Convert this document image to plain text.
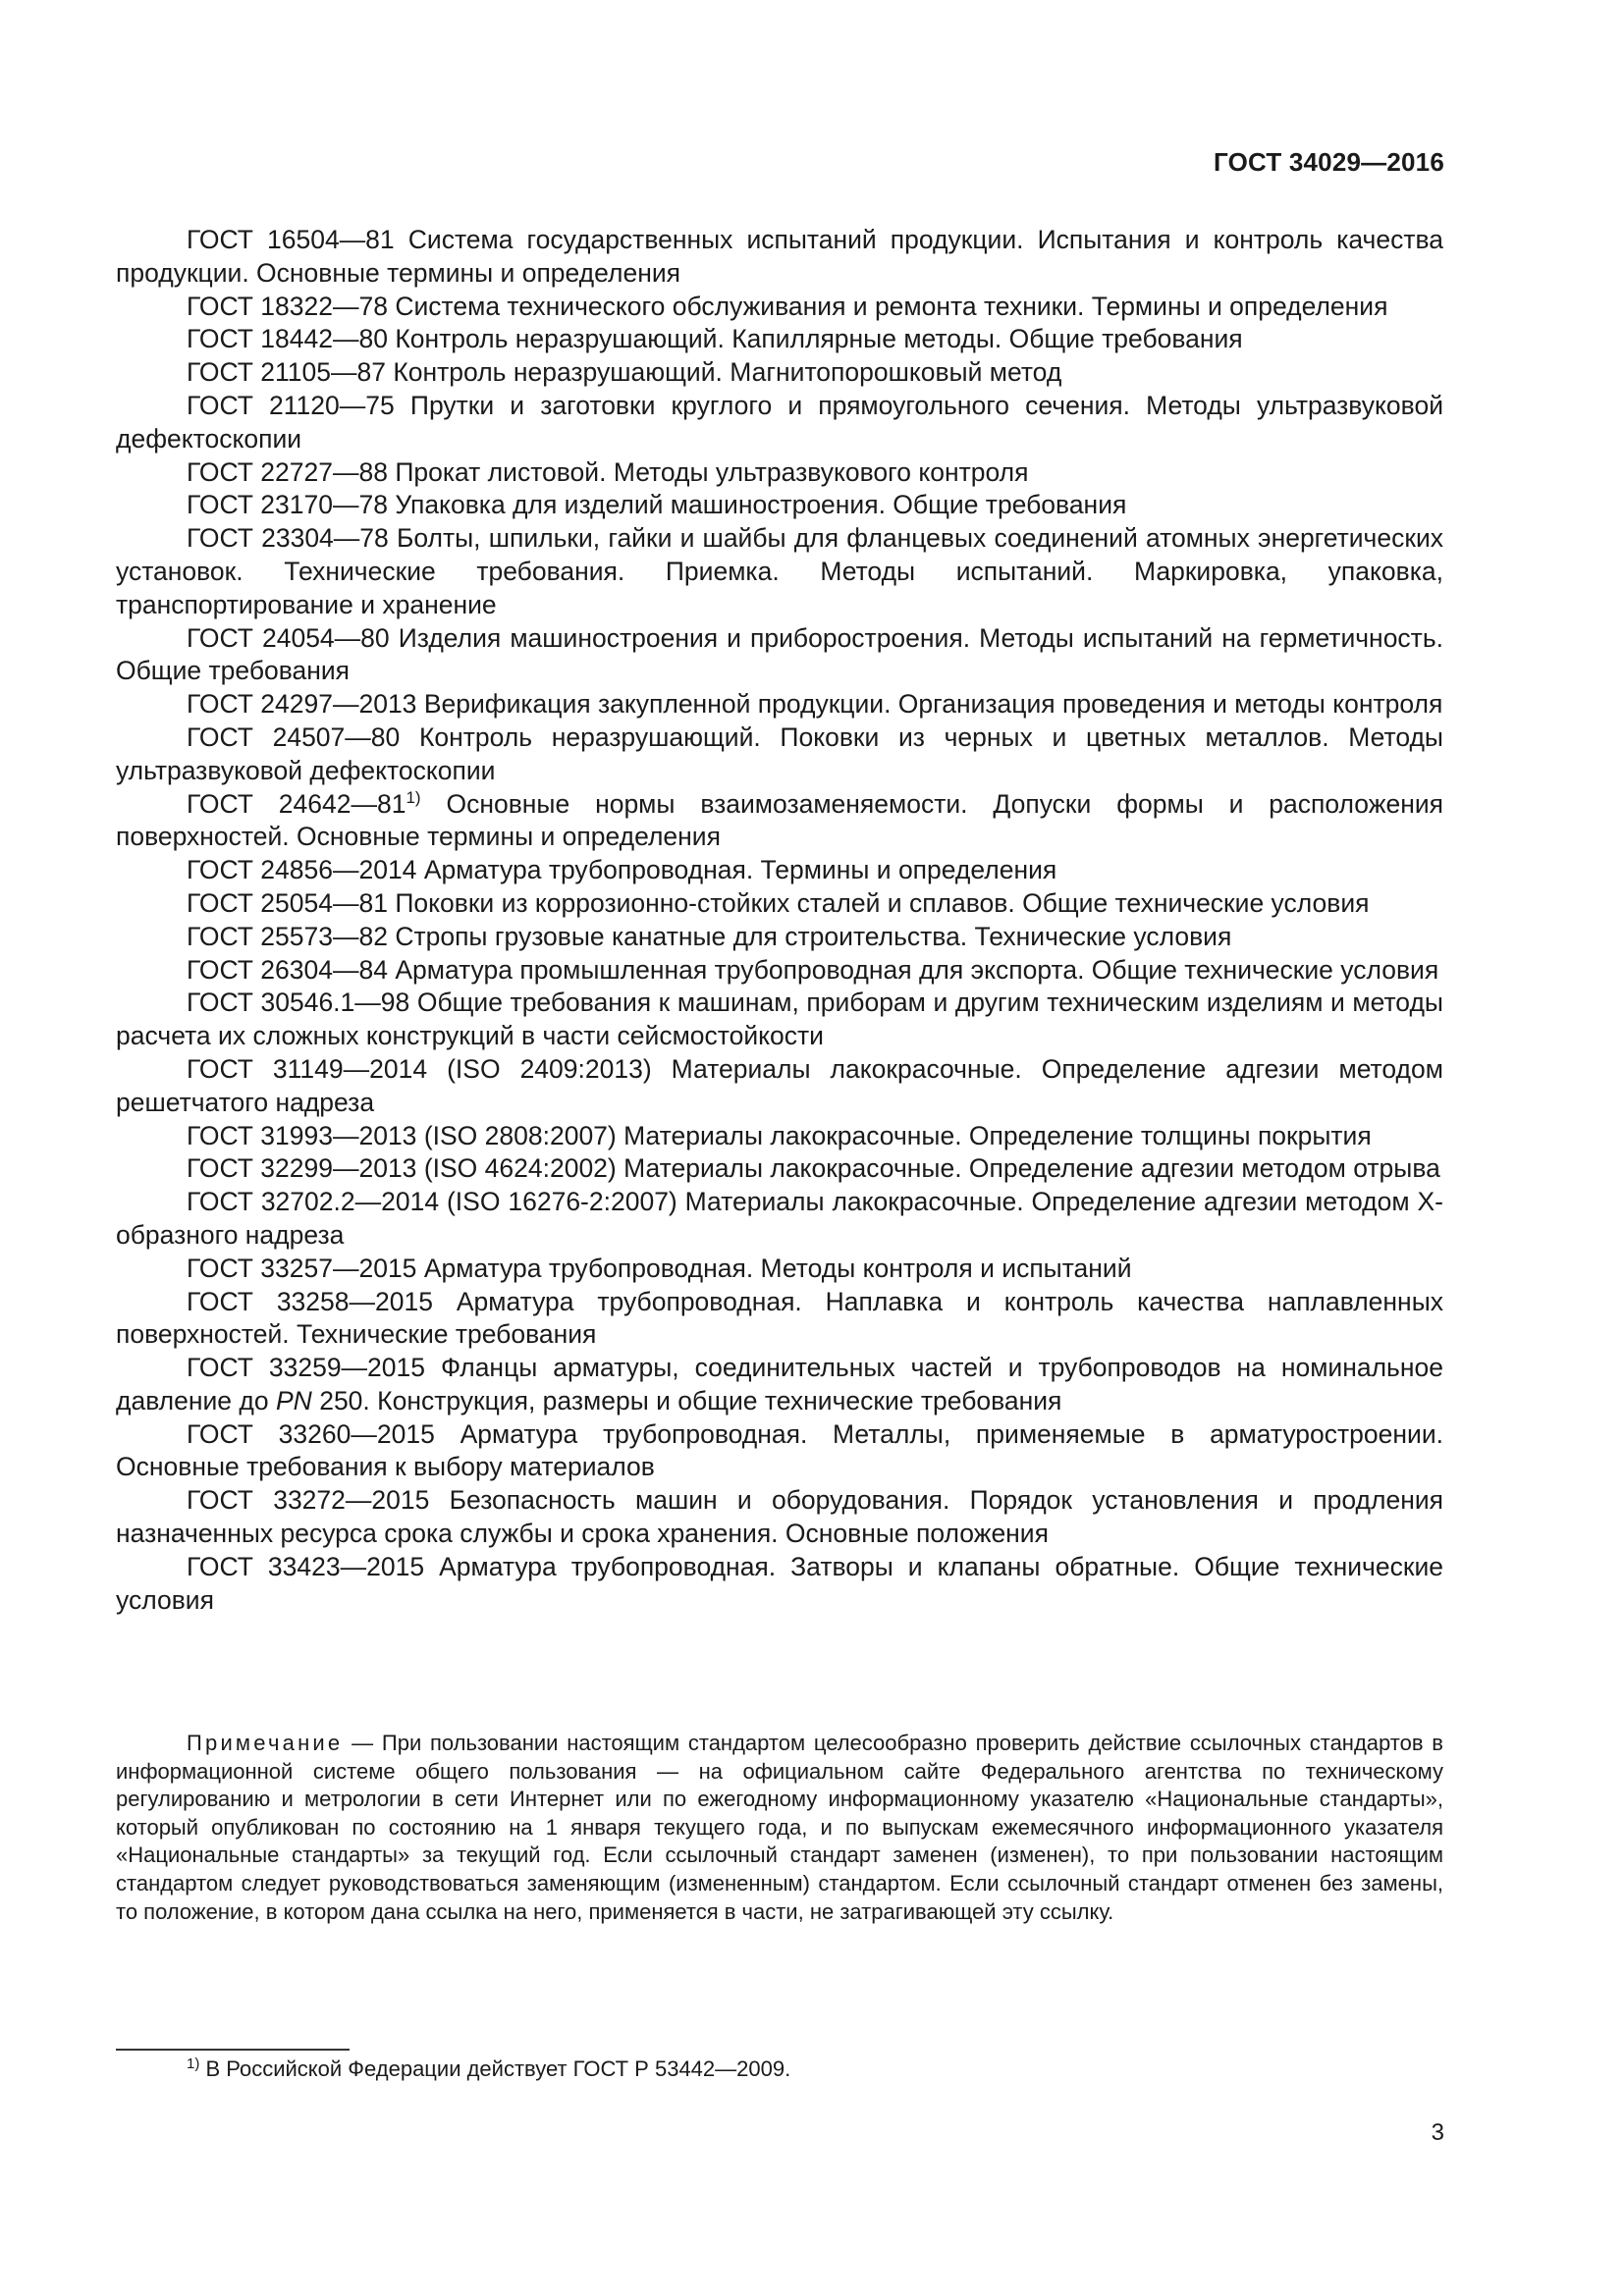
ГОСТ 34029—2016

ГОСТ 16504—81 Система государственных испытаний продукции. Испытания и контроль качества продукции. Основные термины и определения

ГОСТ 18322—78 Система технического обслуживания и ремонта техники. Термины и определения

ГОСТ 18442—80 Контроль неразрушающий. Капиллярные методы. Общие требования

ГОСТ 21105—87 Контроль неразрушающий. Магнитопорошковый метод

ГОСТ 21120—75 Прутки и заготовки круглого и прямоугольного сечения. Методы ультразвуковой дефектоскопии

ГОСТ 22727—88 Прокат листовой. Методы ультразвукового контроля

ГОСТ 23170—78 Упаковка для изделий машиностроения. Общие требования

ГОСТ 23304—78 Болты, шпильки, гайки и шайбы для фланцевых соединений атомных энергетических установок. Технические требования. Приемка. Методы испытаний. Маркировка, упаковка, транспортирование и хранение

ГОСТ 24054—80 Изделия машиностроения и приборостроения. Методы испытаний на герметичность. Общие требования

ГОСТ 24297—2013 Верификация закупленной продукции. Организация проведения и методы контроля

ГОСТ 24507—80 Контроль неразрушающий. Поковки из черных и цветных металлов. Методы ультразвуковой дефектоскопии

ГОСТ 24642—81$^{1)}$ Основные нормы взаимозаменяемости. Допуски формы и расположения поверхностей. Основные термины и определения

ГОСТ 24856—2014 Арматура трубопроводная. Термины и определения

ГОСТ 25054—81 Поковки из коррозионно-стойких сталей и сплавов. Общие технические условия

ГОСТ 25573—82 Стропы грузовые канатные для строительства. Технические условия

ГОСТ 26304—84 Арматура промышленная трубопроводная для экспорта. Общие технические условия

ГОСТ 30546.1—98 Общие требования к машинам, приборам и другим техническим изделиям и методы расчета их сложных конструкций в части сейсмостойкости

ГОСТ 31149—2014 (ISO 2409:2013) Материалы лакокрасочные. Определение адгезии методом решетчатого надреза

ГОСТ 31993—2013 (ISO 2808:2007) Материалы лакокрасочные. Определение толщины покрытия

ГОСТ 32299—2013 (ISO 4624:2002) Материалы лакокрасочные. Определение адгезии методом отрыва

ГОСТ 32702.2—2014 (ISO 16276-2:2007) Материалы лакокрасочные. Определение адгезии методом Х-образного надреза

ГОСТ 33257—2015 Арматура трубопроводная. Методы контроля и испытаний

ГОСТ 33258—2015 Арматура трубопроводная. Наплавка и контроль качества наплавленных поверхностей. Технические требования

ГОСТ 33259—2015 Фланцы арматуры, соединительных частей и трубопроводов на номинальное давление до PN 250. Конструкция, размеры и общие технические требования

ГОСТ 33260—2015 Арматура трубопроводная. Металлы, применяемые в арматуростроении. Основные требования к выбору материалов

ГОСТ 33272—2015 Безопасность машин и оборудования. Порядок установления и продления назначенных ресурса срока службы и срока хранения. Основные положения

ГОСТ 33423—2015 Арматура трубопроводная. Затворы и клапаны обратные. Общие технические условия

Примечание — При пользовании настоящим стандартом целесообразно проверить действие ссылочных стандартов в информационной системе общего пользования — на официальном сайте Федерального агентства по техническому регулированию и метрологии в сети Интернет или по ежегодному информационному указателю «Национальные стандарты», который опубликован по состоянию на 1 января текущего года, и по выпускам ежемесячного информационного указателя «Национальные стандарты» за текущий год. Если ссылочный стандарт заменен (изменен), то при пользовании настоящим стандартом следует руководствоваться заменяющим (измененным) стандартом. Если ссылочный стандарт отменен без замены, то положение, в котором дана ссылка на него, применяется в части, не затрагивающей эту ссылку.

$^{1)}$ В Российской Федерации действует ГОСТ Р 53442—2009.

3
